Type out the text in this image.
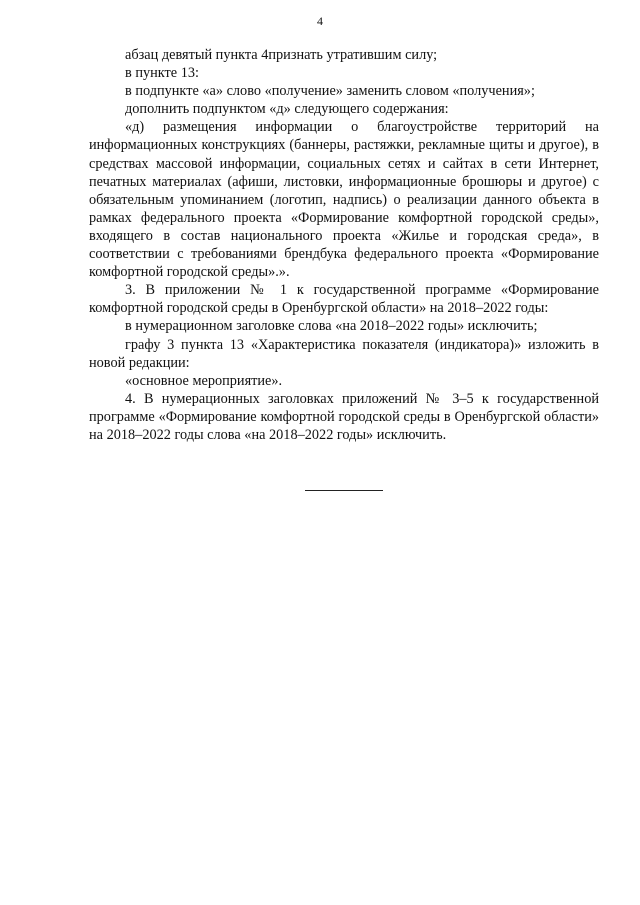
4

абзац девятый пункта 4признать утратившим силу;

в пункте 13:

в подпункте «а» слово «получение» заменить словом «получения»;

дополнить подпунктом «д» следующего содержания:

«д) размещения информации о благоустройстве территорий на информационных конструкциях (баннеры, растяжки, рекламные щиты и другое), в средствах массовой информации, социальных сетях и сайтах в сети Интернет, печатных материалах (афиши, листовки, информационные брошюры и другое) с обязательным упоминанием (логотип, надпись) о реализации данного объекта в рамках федерального проекта «Формирование комфортной городской среды», входящего в состав национального проекта «Жилье и городская среда», в соответствии с требованиями брендбука федерального проекта «Формирование комфортной городской среды».».

3. В приложении № 1 к государственной программе «Формирование комфортной городской среды в Оренбургской области» на 2018–2022 годы:

в нумерационном заголовке слова «на 2018–2022 годы» исключить;

графу 3 пункта 13 «Характеристика показателя (индикатора)» изложить в новой редакции:

«основное мероприятие».

4. В нумерационных заголовках приложений № 3–5 к государственной программе «Формирование комфортной городской среды в Оренбургской области» на 2018–2022 годы слова «на 2018–2022 годы» исключить.
